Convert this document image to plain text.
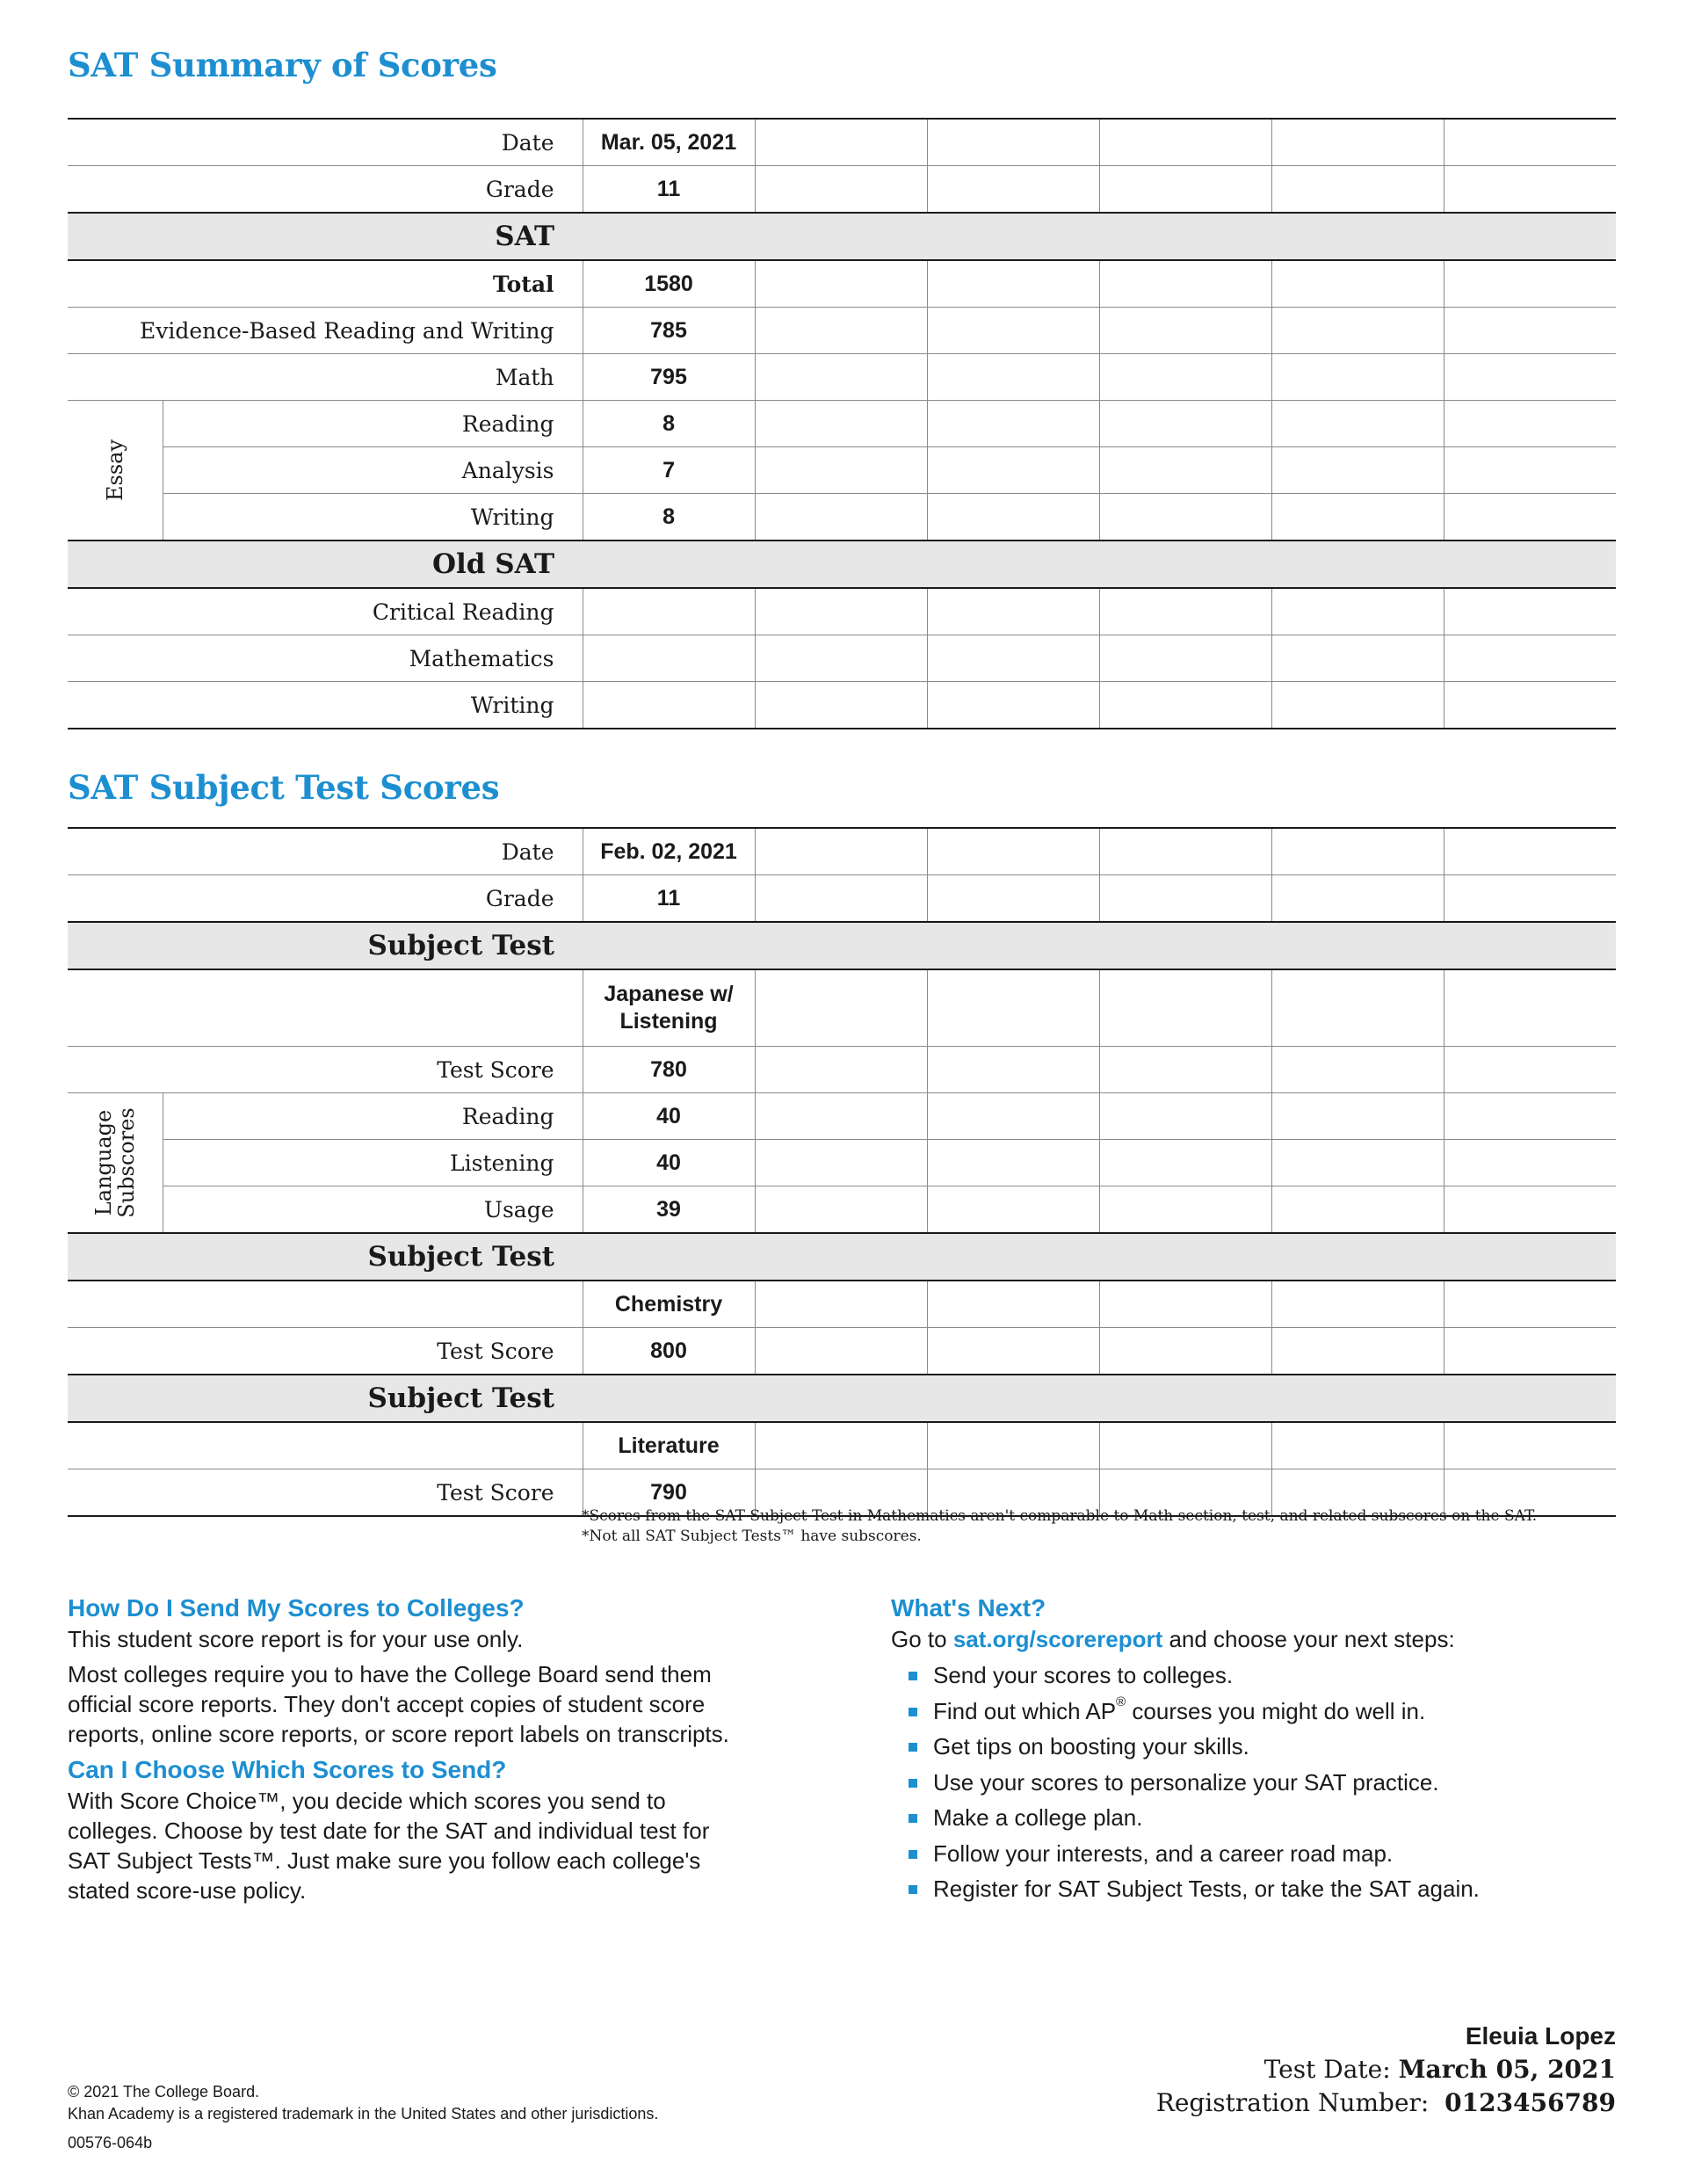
SAT Summary of Scores
Date		Mar. 05, 2021					
Grade		11					
SAT							
Total		1580					
Evidence-Based Reading and Writing		785					
Math		795					

Essay	Reading	8					
	Analysis	7					
	Writing	8					
Old SAT							
Critical Reading							
Mathematics							
Writing							
SAT Subject Test Scores
Date		Feb. 02, 2021					
Grade		11					
Subject Test							
		Japanese w/ Listening					
Test Score		780					

Language
Subscores	Reading	40					
	Listening	40					
	Usage	39					
Subject Test							
		Chemistry					
Test Score		800					
Subject Test							
		Literature					
Test Score		790					
*Scores from the SAT Subject Test in Mathematics aren't comparable to Math section, test, and related subscores on the SAT.
*Not all SAT Subject Tests™ have subscores.
How Do I Send My Scores to Colleges?

This student score report is for your use only.

Most colleges require you to have the College Board send them official score reports. They don't accept copies of student score reports, online score reports, or score report labels on transcripts.

Can I Choose Which Scores to Send?

With Score Choice™, you decide which scores you send to colleges. Choose by test date for the SAT and individual test for SAT Subject Tests™. Just make sure you follow each college's stated score-use policy.

What's Next?

Go to sat.org/scorereport and choose your next steps:

Send your scores to colleges.
Find out which AP® courses you might do well in.
Get tips on boosting your skills.
Use your scores to personalize your SAT practice.
Make a college plan.
Follow your interests, and a career road map.
Register for SAT Subject Tests, or take the SAT again.
© 2021 The College Board.
Khan Academy is a registered trademark in the United States and other jurisdictions.
00576-064b
Eleuia Lopez
Test Date: March 05, 2021
Registration Number:  0123456789
